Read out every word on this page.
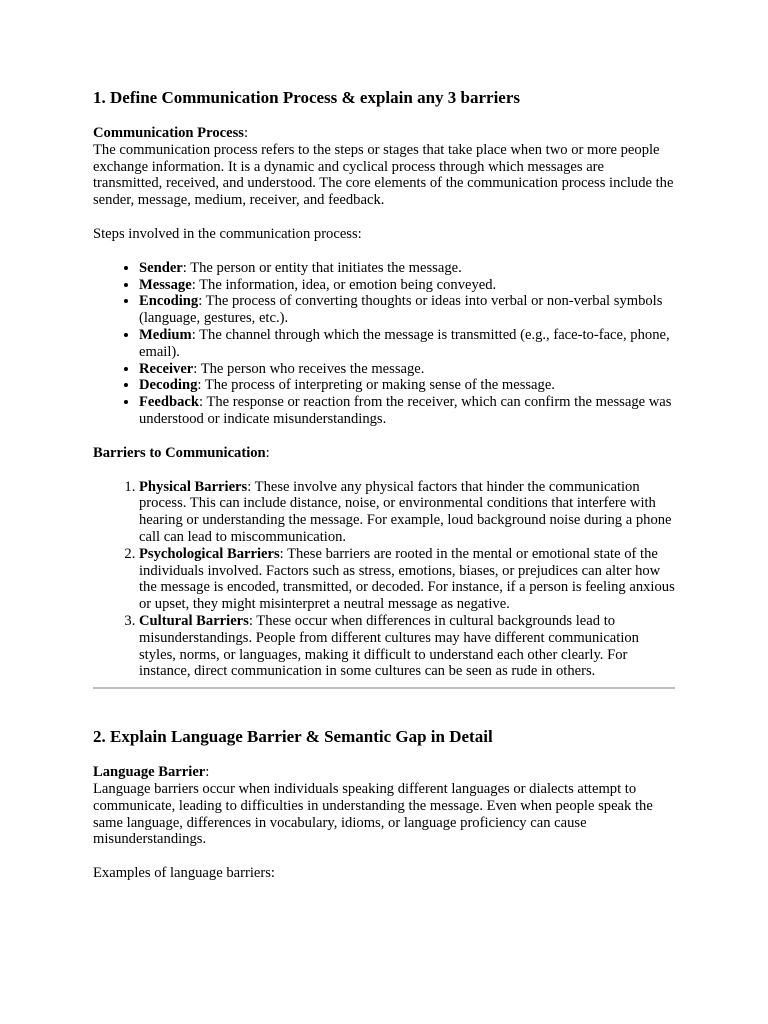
1. Define Communication Process & explain any 3 barriers

Communication Process:

The communication process refers to the steps or stages that take place when two or more people exchange information. It is a dynamic and cyclical process through which messages are transmitted, received, and understood. The core elements of the communication process include the sender, message, medium, receiver, and feedback.

Steps involved in the communication process:

• Sender: The person or entity that initiates the message.
• Message: The information, idea, or emotion being conveyed.
• Encoding: The process of converting thoughts or ideas into verbal or non-verbal symbols (language, gestures, etc.).
• Medium: The channel through which the message is transmitted (e.g., face-to-face, phone, email).
• Receiver: The person who receives the message.
• Decoding: The process of interpreting or making sense of the message.
• Feedback: The response or reaction from the receiver, which can confirm the message was understood or indicate misunderstandings.

Barriers to Communication:

1. Physical Barriers: These involve any physical factors that hinder the communication process. This can include distance, noise, or environmental conditions that interfere with hearing or understanding the message. For example, loud background noise during a phone call can lead to miscommunication.
2. Psychological Barriers: These barriers are rooted in the mental or emotional state of the individuals involved. Factors such as stress, emotions, biases, or prejudices can alter how the message is encoded, transmitted, or decoded. For instance, if a person is feeling anxious or upset, they might misinterpret a neutral message as negative.
3. Cultural Barriers: These occur when differences in cultural backgrounds lead to misunderstandings. People from different cultures may have different communication styles, norms, or languages, making it difficult to understand each other clearly. For instance, direct communication in some cultures can be seen as rude in others.
2. Explain Language Barrier & Semantic Gap in Detail

Language Barrier:

Language barriers occur when individuals speaking different languages or dialects attempt to communicate, leading to difficulties in understanding the message. Even when people speak the same language, differences in vocabulary, idioms, or language proficiency can cause misunderstandings.

Examples of language barriers:
